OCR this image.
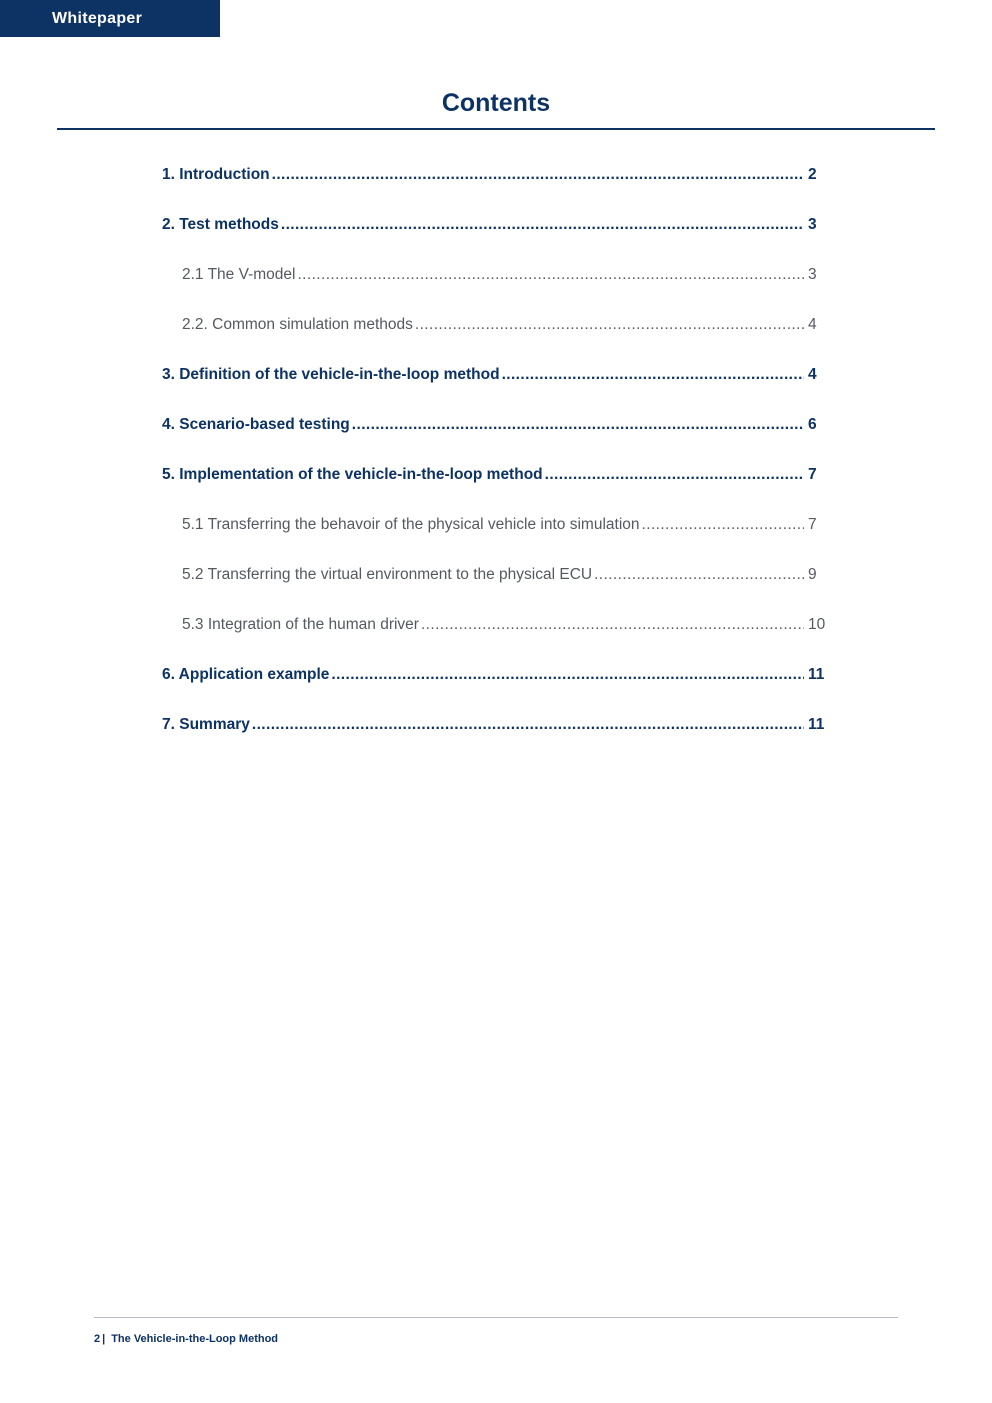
Whitepaper
Contents
1. Introduction .....	2
2. Test methods .....	3
2.1 The V-model .....	3
2.2. Common simulation methods .....	4
3. Definition of the vehicle-in-the-loop method .....	4
4. Scenario-based testing .....	6
5. Implementation of the vehicle-in-the-loop method .....	7
5.1 Transferring the behavoir of the physical vehicle into simulation .....	7
5.2 Transferring the virtual environment to the physical ECU .....	9
5.3 Integration of the human driver .....	10
6. Application example .....	11
7. Summary .....	11
2 | The Vehicle-in-the-Loop Method
